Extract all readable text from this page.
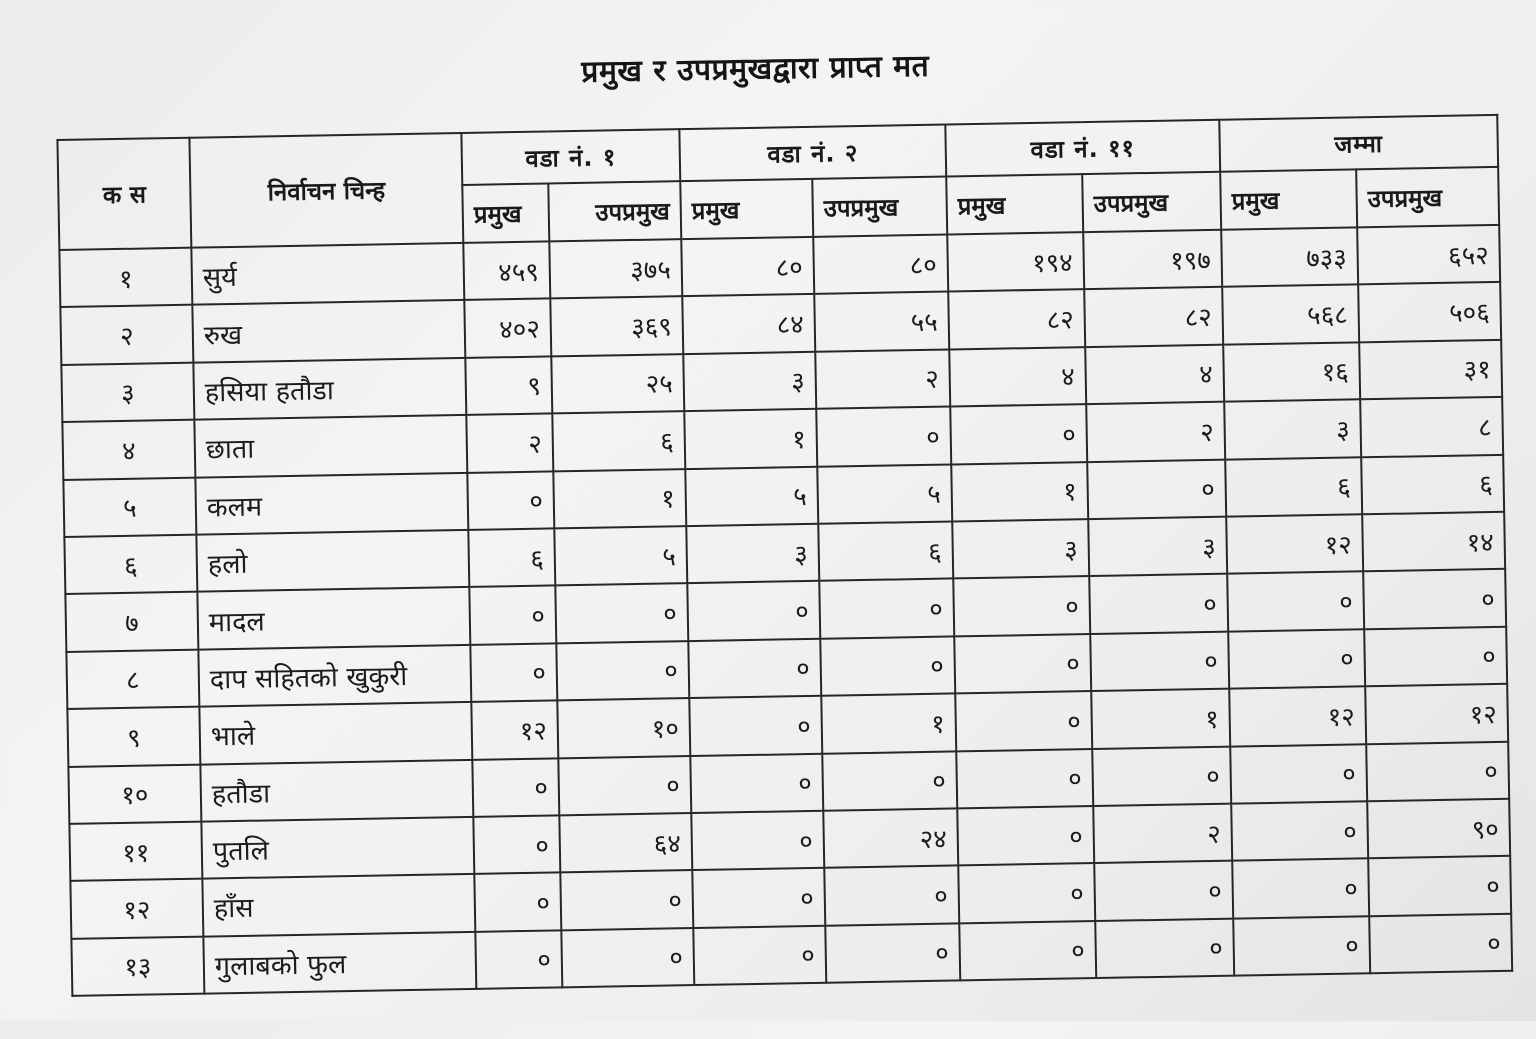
प्रमुख र उपप्रमुखद्वारा प्राप्त मत
क स	निर्वाचन चिन्ह	वडा नं. १		वडा नं. २		वडा नं. ११		जम्मा	
		प्रमुख	उपप्रमुख	प्रमुख	उपप्रमुख	प्रमुख	उपप्रमुख	प्रमुख	उपप्रमुख
१	सुर्य	४५९	३७५	८०	८०	१९४	१९७	७३३	६५२
२	रुख	४०२	३६९	८४	५५	८२	८२	५६८	५०६
३	हसिया हतौडा	९	२५	३	२	४	४	१६	३१
४	छाता	२	६	१	०	०	२	३	८
५	कलम	०	१	५	५	१	०	६	६
६	हलो	६	५	३	६	३	३	१२	१४
७	मादल	०	०	०	०	०	०	०	०
८	दाप सहितको खुकुरी	०	०	०	०	०	०	०	०
९	भाले	१२	१०	०	१	०	१	१२	१२
१०	हतौडा	०	०	०	०	०	०	०	०
११	पुतलि	०	६४	०	२४	०	२	०	९०
१२	हाँस	०	०	०	०	०	०	०	०
१३	गुलाबको फुल	०	०	०	०	०	०	०	०
